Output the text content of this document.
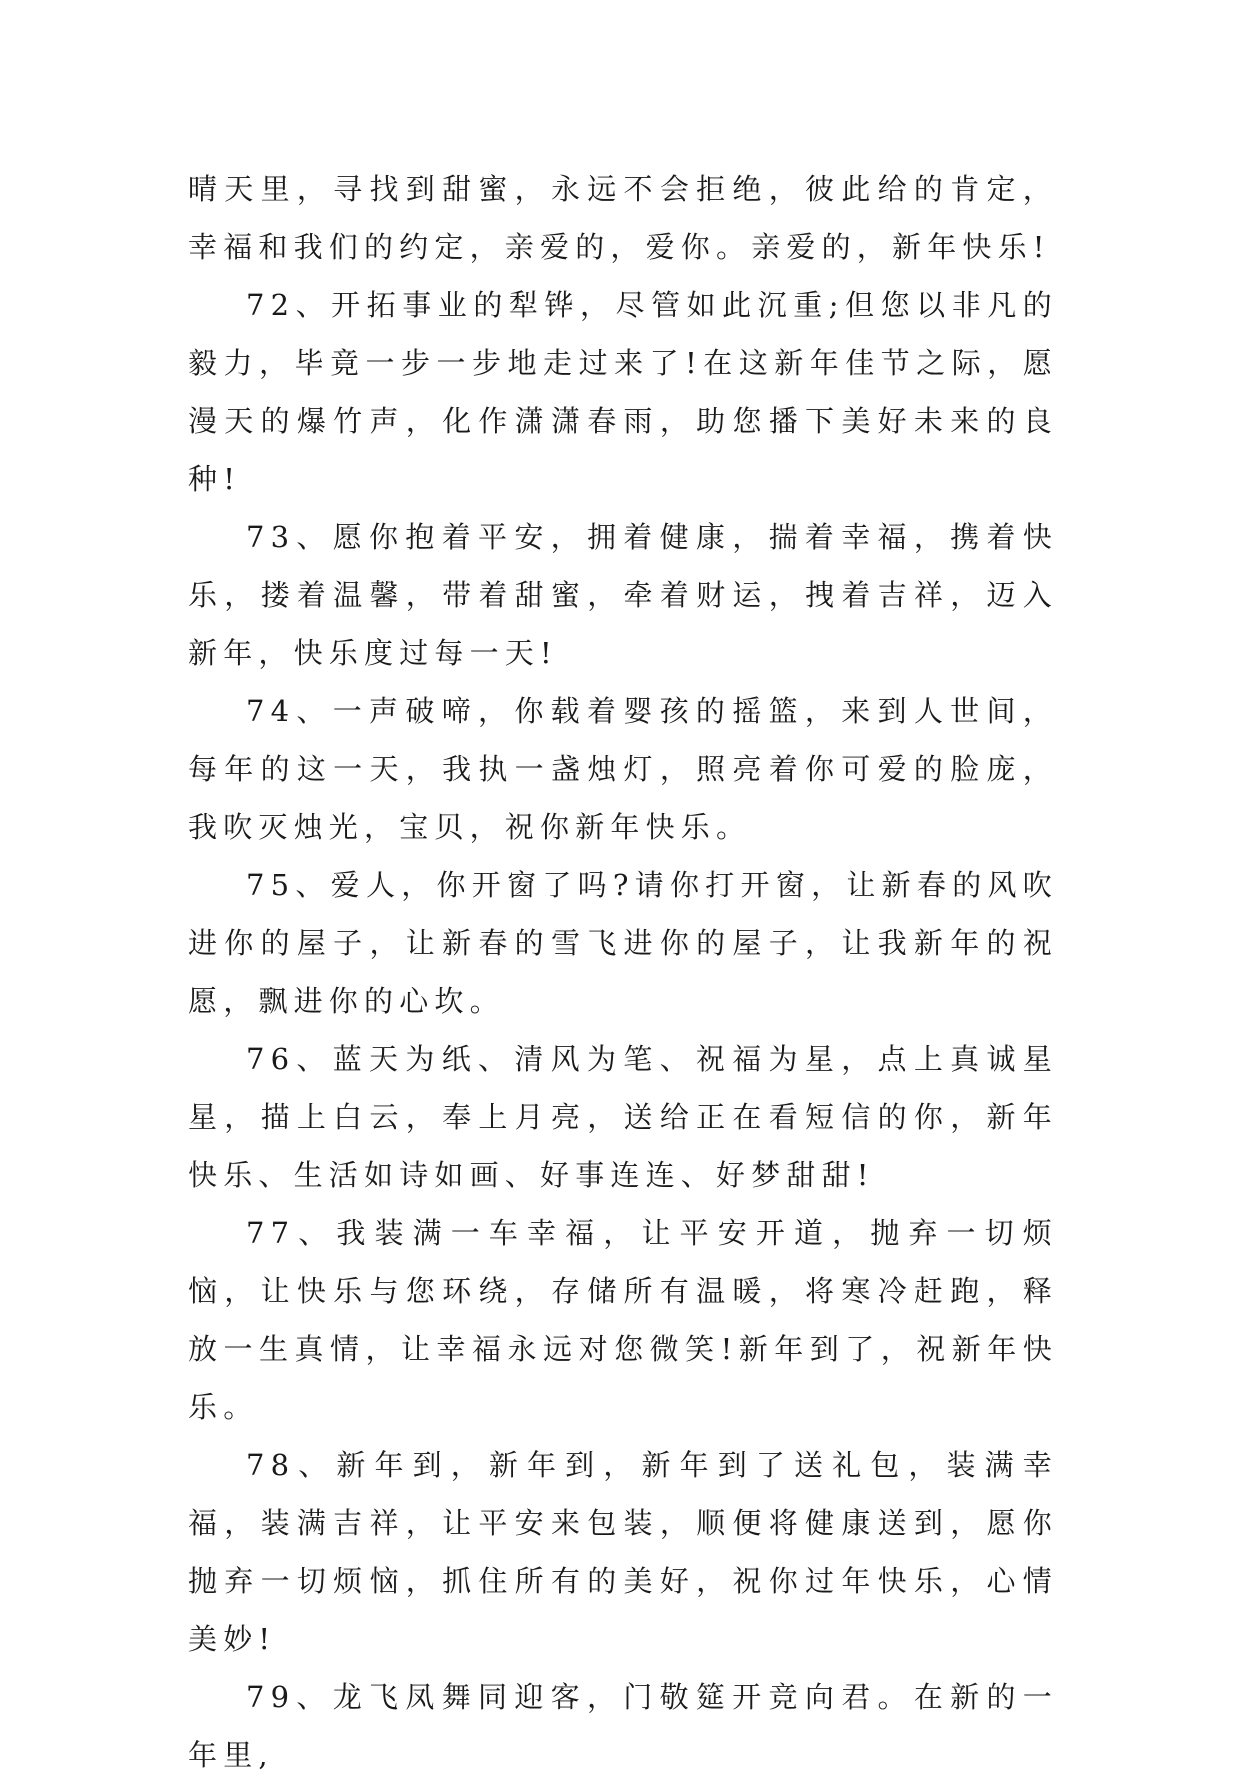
晴天里，寻找到甜蜜，永远不会拒绝，彼此给的肯定，幸福和我们的约定，亲爱的，爱你。亲爱的，新年快乐!

72、开拓事业的犁铧，尽管如此沉重;但您以非凡的毅力，毕竟一步一步地走过来了!在这新年佳节之际，愿漫天的爆竹声，化作潇潇春雨，助您播下美好未来的良种!

73、愿你抱着平安，拥着健康，揣着幸福，携着快乐，搂着温馨，带着甜蜜，牵着财运，拽着吉祥，迈入新年，快乐度过每一天!

74、一声破啼，你载着婴孩的摇篮，来到人世间，每年的这一天，我执一盏烛灯，照亮着你可爱的脸庞，我吹灭烛光，宝贝，祝你新年快乐。

75、爱人，你开窗了吗?请你打开窗，让新春的风吹进你的屋子，让新春的雪飞进你的屋子，让我新年的祝愿，飘进你的心坎。

76、蓝天为纸、清风为笔、祝福为星，点上真诚星星，描上白云，奉上月亮，送给正在看短信的你，新年快乐、生活如诗如画、好事连连、好梦甜甜!

77、我装满一车幸福，让平安开道，抛弃一切烦恼，让快乐与您环绕，存储所有温暖，将寒冷赶跑，释放一生真情，让幸福永远对您微笑!新年到了，祝新年快乐。

78、新年到，新年到，新年到了送礼包，装满幸福，装满吉祥，让平安来包装，顺便将健康送到，愿你抛弃一切烦恼，抓住所有的美好，祝你过年快乐，心情美妙!

79、龙飞凤舞同迎客，门敬筵开竞向君。在新的一年里,
